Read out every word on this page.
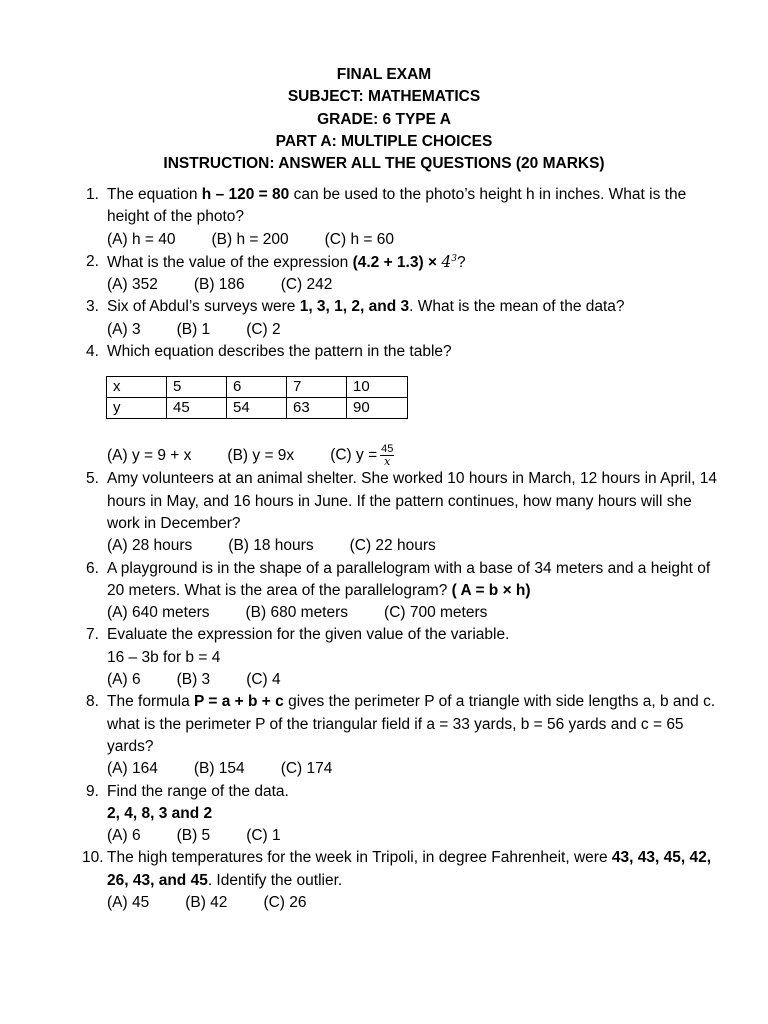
FINAL EXAM
SUBJECT: MATHEMATICS
GRADE: 6 TYPE A
PART A: MULTIPLE CHOICES
INSTRUCTION: ANSWER ALL THE QUESTIONS (20 MARKS)
1. The equation h – 120 = 80 can be used to the photo’s height h in inches. What is the height of the photo?
(A) h = 40 (B) h = 200 (C) h = 60
2. What is the value of the expression $(4.2 + 1.3) \times 4^3$?
(A) 352 (B) 186 (C) 242
3. Six of Abdul’s surveys were 1, 3, 1, 2, and 3. What is the mean of the data?
(A) 3 (B) 1 (C) 2
4. Which equation describes the pattern in the table?
x	5	6	7	10
y	45	54	63	90
(A) y = 9 + x (B) y = 9x (C) $y = \frac{45}{x}$
5. Amy volunteers at an animal shelter. She worked 10 hours in March, 12 hours in April, 14 hours in May, and 16 hours in June. If the pattern continues, how many hours will she work in December?
(A) 28 hours (B) 18 hours (C) 22 hours
6. A playground is in the shape of a parallelogram with a base of 34 meters and a height of 20 meters. What is the area of the parallelogram? ( A = b × h)
(A) 640 meters (B) 680 meters (C) 700 meters
7. Evaluate the expression for the given value of the variable.
16 – 3b for b = 4
(A) 6 (B) 3 (C) 4
8. The formula P = a + b + c gives the perimeter P of a triangle with side lengths a, b and c. what is the perimeter P of the triangular field if a = 33 yards, b = 56 yards and c = 65 yards?
(A) 164 (B) 154 (C) 174
9. Find the range of the data.
2, 4, 8, 3 and 2
(A) 6 (B) 5 (C) 1
10. The high temperatures for the week in Tripoli, in degree Fahrenheit, were 43, 43, 45, 42, 26, 43, and 45. Identify the outlier.
(A) 45 (B) 42 (C) 26
